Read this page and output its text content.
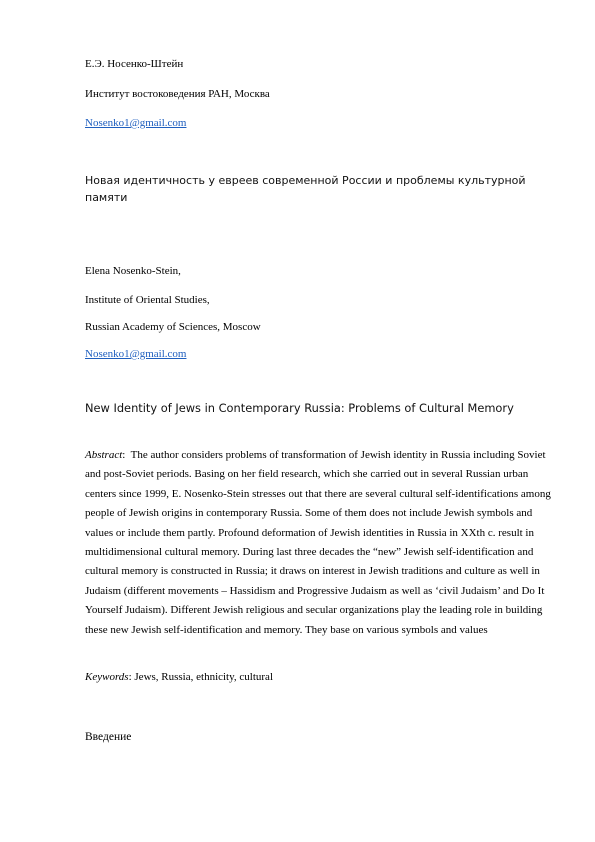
Е.Э. Носенко-Штейн
Институт востоковедения РАН, Москва
Nosenko1@gmail.com
Новая идентичность у евреев современной России и проблемы культурной памяти
Elena Nosenko-Stein,
Institute of Oriental Studies,
Russian Academy of Sciences, Moscow
Nosenko1@gmail.com
New Identity of Jews in Contemporary Russia: Problems of Cultural Memory

Abstract: The author considers problems of transformation of Jewish identity in Russia including Soviet
and post-Soviet periods. Basing on her field research, which she carried out in several Russian urban
centers since 1999, E. Nosenko-Stein stresses out that there are several cultural self-identifications among
people of Jewish origins in contemporary Russia. Some of them does not include Jewish symbols and
values or include them partly. Profound deformation of Jewish identities in Russia in XXth c. result in
multidimensional cultural memory. During last three decades the “new” Jewish self-identification and
cultural memory is constructed in Russia; it draws on interest in Jewish traditions and culture as well in
Judaism (different movements – Hassidism and Progressive Judaism as well as ‘civil Judaism’ and Do It
Yourself Judaism). Different Jewish religious and secular organizations play the leading role in building
these new Jewish self-identification and memory. They base on various symbols and values

Keywords: Jews, Russia, ethnicity, cultural
Введение
